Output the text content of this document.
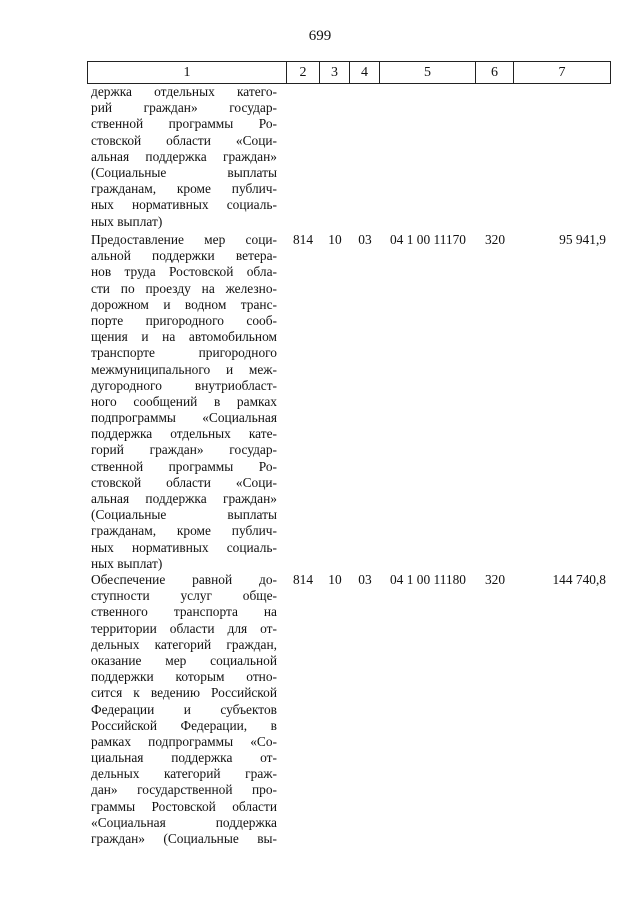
699
1	2	3	4	5	6	7
держка отдельных катего-
рий граждан» государ-
ственной программы Ро-
стовской области «Соци-
альная поддержка граждан»
(Социальные выплаты
гражданам, кроме публич-
ных нормативных социаль-
ных выплат)
Предоставление мер соци-
альной поддержки ветера-
нов труда Ростовской обла-
сти по проезду на железно-
дорожном и водном транс-
порте пригородного сооб-
щения и на автомобильном
транспорте пригородного
межмуниципального и меж-
дугородного внутриобласт-
ного сообщений в рамках
подпрограммы «Социальная
поддержка отдельных кате-
горий граждан» государ-
ственной программы Ро-
стовской области «Соци-
альная поддержка граждан»
(Социальные выплаты
гражданам, кроме публич-
ных нормативных социаль-
ных выплат)
814	10	03	04 1 00 11170	320	95 941,9
Обеспечение равной до-
ступности услуг обще-
ственного транспорта на
территории области для от-
дельных категорий граждан,
оказание мер социальной
поддержки которым отно-
сится к ведению Российской
Федерации и субъектов
Российской Федерации, в
рамках подпрограммы «Со-
циальная поддержка от-
дельных категорий граж-
дан» государственной про-
граммы Ростовской области
«Социальная поддержка
граждан» (Социальные вы-
814	10	03	04 1 00 11180	320	144 740,8
